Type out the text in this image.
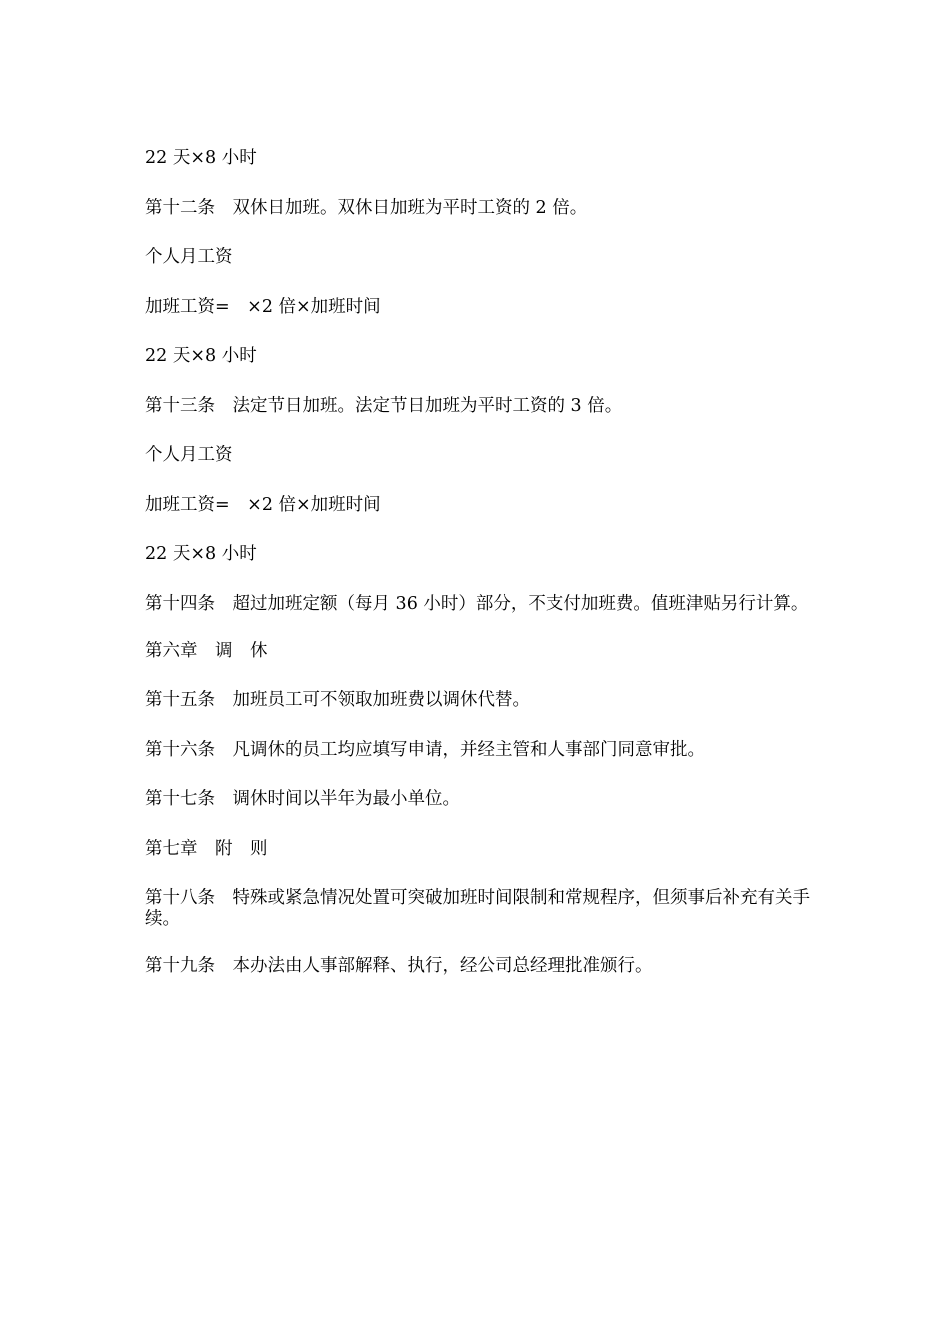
22 天×8 小时

第十二条　双休日加班。双休日加班为平时工资的 2 倍。

个人月工资

加班工资=　×2 倍×加班时间

22 天×8 小时

第十三条　法定节日加班。法定节日加班为平时工资的 3 倍。

个人月工资

加班工资=　×2 倍×加班时间

22 天×8 小时

第十四条　超过加班定额（每月 36 小时）部分，不支付加班费。值班津贴另行计算。

第六章　调　休

第十五条　加班员工可不领取加班费以调休代替。

第十六条　凡调休的员工均应填写申请，并经主管和人事部门同意审批。

第十七条　调休时间以半年为最小单位。

第七章　附　则

第十八条　特殊或紧急情况处置可突破加班时间限制和常规程序，但须事后补充有关手续。

第十九条　本办法由人事部解释、执行，经公司总经理批准颁行。
